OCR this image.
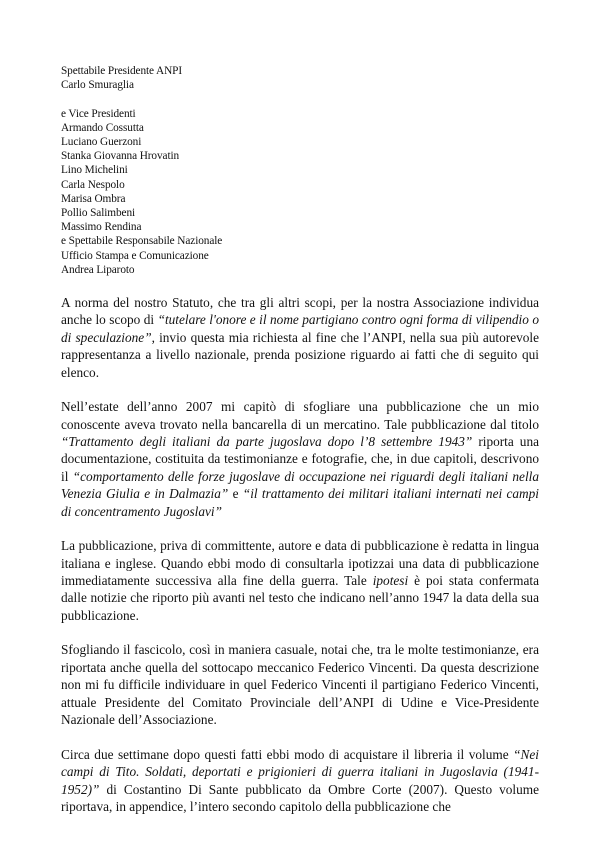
Spettabile Presidente ANPI
Carlo Smuraglia
e Vice Presidenti
Armando Cossutta
Luciano Guerzoni
Stanka Giovanna Hrovatin
Lino Michelini
Carla Nespolo
Marisa Ombra
Pollio Salimbeni
Massimo Rendina
e Spettabile Responsabile Nazionale
Ufficio Stampa e Comunicazione
Andrea Liparoto

A norma del nostro Statuto, che tra gli altri scopi, per la nostra Associazione individua anche lo scopo di “tutelare l'onore e il nome partigiano contro ogni forma di vilipendio o di speculazione”, invio questa mia richiesta al fine che l’ANPI, nella sua più autorevole rappresentanza a livello nazionale, prenda posizione riguardo ai fatti che di seguito qui elenco.

Nell’estate dell’anno 2007 mi capitò di sfogliare una pubblicazione che un mio conoscente aveva trovato nella bancarella di un mercatino. Tale pubblicazione dal titolo “Trattamento degli italiani da parte jugoslava dopo l’8 settembre 1943” riporta una documentazione, costituita da testimonianze e fotografie, che, in due capitoli, descrivono il “comportamento delle forze jugoslave di occupazione nei riguardi degli italiani nella Venezia Giulia e in Dalmazia” e “il trattamento dei militari italiani internati nei campi di concentramento Jugoslavi”

La pubblicazione, priva di committente, autore e data di pubblicazione è redatta in lingua italiana e inglese. Quando ebbi modo di consultarla ipotizzai una data di pubblicazione immediatamente successiva alla fine della guerra. Tale ipotesi è poi stata confermata dalle notizie che riporto più avanti nel testo che indicano nell’anno 1947 la data della sua pubblicazione.

Sfogliando il fascicolo, così in maniera casuale, notai che, tra le molte testimonianze, era riportata anche quella del sottocapo meccanico Federico Vincenti. Da questa descrizione non mi fu difficile individuare in quel Federico Vincenti il partigiano Federico Vincenti, attuale Presidente del Comitato Provinciale dell’ANPI di Udine e Vice-Presidente Nazionale dell’Associazione.

Circa due settimane dopo questi fatti ebbi modo di acquistare il libreria il volume “Nei campi di Tito. Soldati, deportati e prigionieri di guerra italiani in Jugoslavia (1941-1952)” di Costantino Di Sante pubblicato da Ombre Corte (2007). Questo volume riportava, in appendice, l’intero secondo capitolo della pubblicazione che
